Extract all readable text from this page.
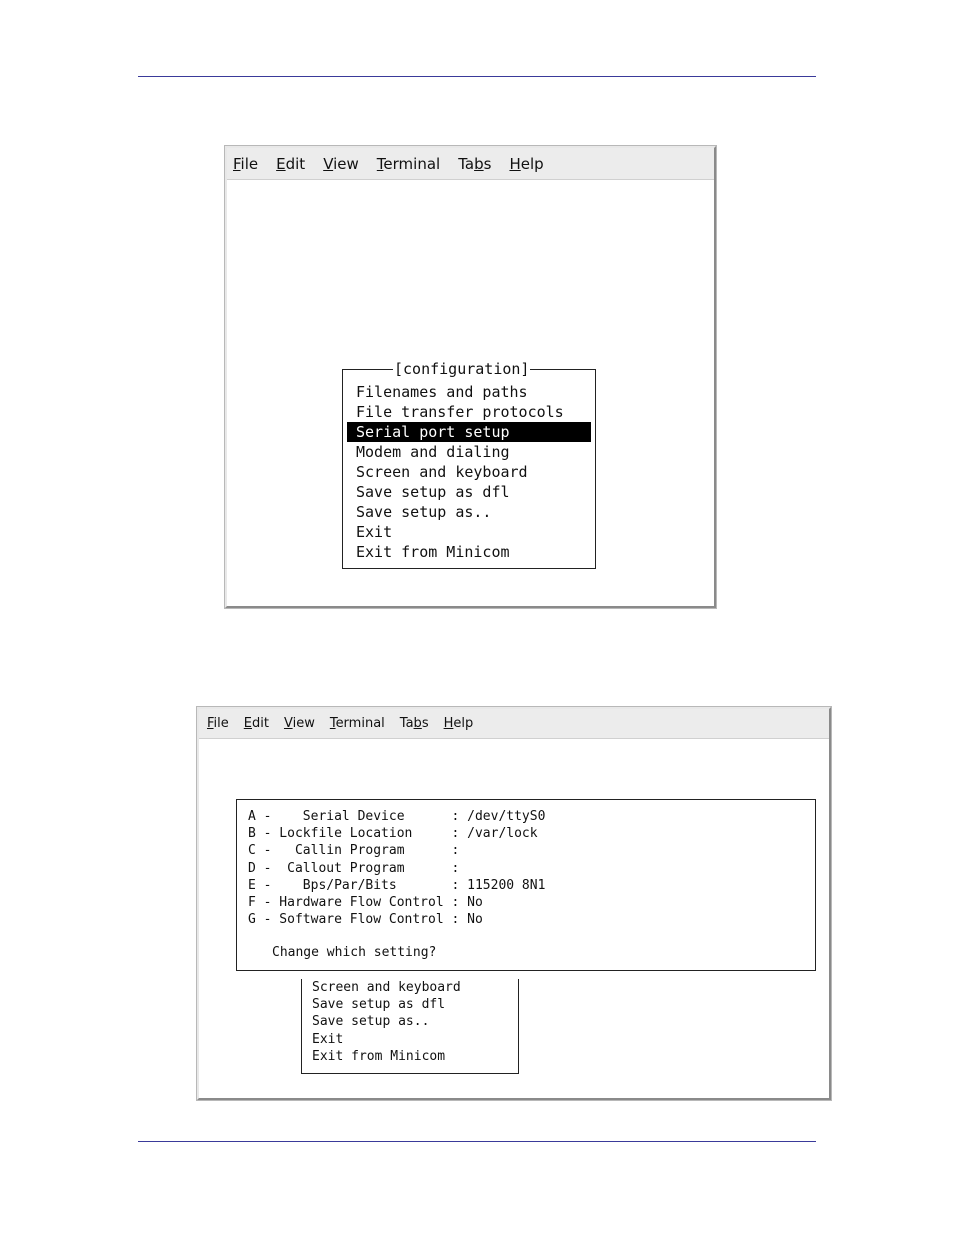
File Edit View Terminal Tabs Help
[configuration]
Filenames and paths
File transfer protocols
Serial port setup
Modem and dialing
Screen and keyboard
Save setup as dfl
Save setup as..
Exit
Exit from Minicom
File Edit View Terminal Tabs Help
A -    Serial Device      : /dev/ttyS0
B - Lockfile Location     : /var/lock
C -   Callin Program      :
D -  Callout Program      :
E -    Bps/Par/Bits       : 115200 8N1
F - Hardware Flow Control : No
G - Software Flow Control : No
Change which setting?
Screen and keyboard
Save setup as dfl
Save setup as..
Exit
Exit from Minicom
